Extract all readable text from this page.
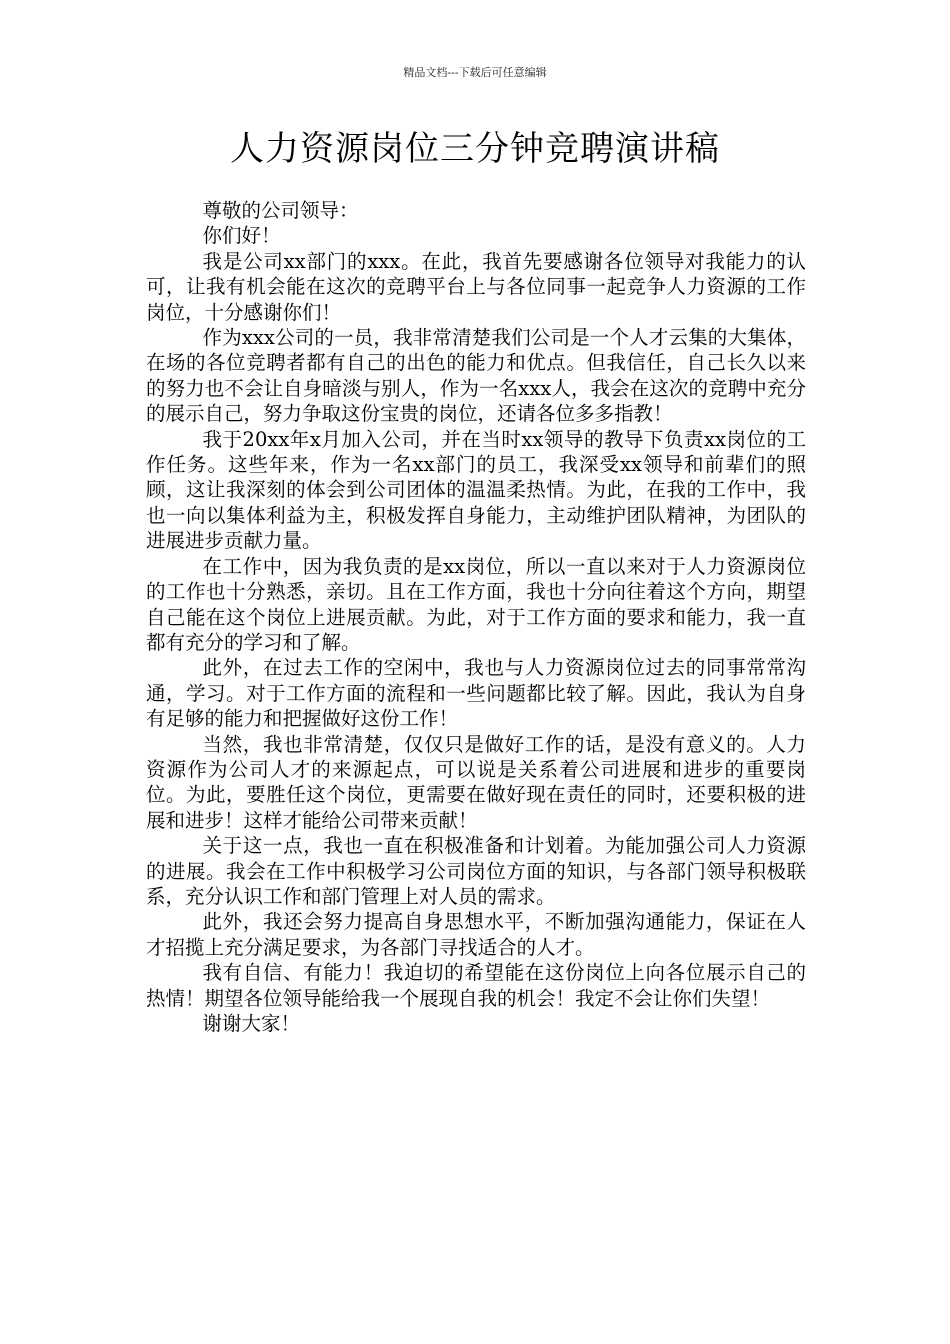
精品文档---下载后可任意编辑
人力资源岗位三分钟竞聘演讲稿

尊敬的公司领导：

你们好！

我是公司xx部门的xxx。在此，我首先要感谢各位领导对我能力的认可，让我有机会能在这次的竞聘平台上与各位同事一起竞争人力资源的工作岗位，十分感谢你们！

作为xxx公司的一员，我非常清楚我们公司是一个人才云集的大集体，在场的各位竞聘者都有自己的出色的能力和优点。但我信任，自己长久以来的努力也不会让自身暗淡与别人，作为一名xxx人，我会在这次的竞聘中充分的展示自己，努力争取这份宝贵的岗位，还请各位多多指教！

我于20xx年x月加入公司，并在当时xx领导的教导下负责xx岗位的工作任务。这些年来，作为一名xx部门的员工，我深受xx领导和前辈们的照顾，这让我深刻的体会到公司团体的温温柔热情。为此，在我的工作中，我也一向以集体利益为主，积极发挥自身能力，主动维护团队精神，为团队的进展进步贡献力量。

在工作中，因为我负责的是xx岗位，所以一直以来对于人力资源岗位的工作也十分熟悉，亲切。且在工作方面，我也十分向往着这个方向，期望自己能在这个岗位上进展贡献。为此，对于工作方面的要求和能力，我一直都有充分的学习和了解。

此外，在过去工作的空闲中，我也与人力资源岗位过去的同事常常沟通，学习。对于工作方面的流程和一些问题都比较了解。因此，我认为自身有足够的能力和把握做好这份工作！

当然，我也非常清楚，仅仅只是做好工作的话，是没有意义的。人力资源作为公司人才的来源起点，可以说是关系着公司进展和进步的重要岗位。为此，要胜任这个岗位，更需要在做好现在责任的同时，还要积极的进展和进步！这样才能给公司带来贡献！

关于这一点，我也一直在积极准备和计划着。为能加强公司人力资源的进展。我会在工作中积极学习公司岗位方面的知识，与各部门领导积极联系，充分认识工作和部门管理上对人员的需求。

此外，我还会努力提高自身思想水平，不断加强沟通能力，保证在人才招揽上充分满足要求，为各部门寻找适合的人才。

我有自信、有能力！我迫切的希望能在这份岗位上向各位展示自己的热情！期望各位领导能给我一个展现自我的机会！我定不会让你们失望！

谢谢大家！
